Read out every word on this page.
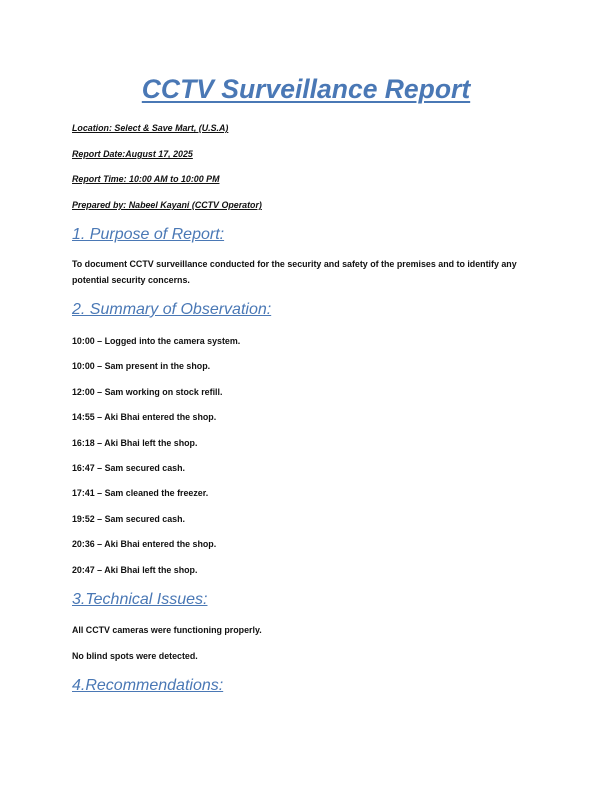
CCTV Surveillance Report
Location: Select & Save Mart, (U.S.A)
Report Date:August 17, 2025
Report Time: 10:00 AM to 10:00 PM
Prepared by: Nabeel Kayani (CCTV Operator)
1. Purpose of Report:
To document CCTV surveillance conducted for the security and safety of the premises and to identify any potential security concerns.
2. Summary of Observation:
10:00 – Logged into the camera system.
10:00 – Sam present in the shop.
12:00 – Sam working on stock refill.
14:55 – Aki Bhai entered the shop.
16:18 – Aki Bhai left the shop.
16:47 – Sam secured cash.
17:41 – Sam cleaned the freezer.
19:52 – Sam secured cash.
20:36 – Aki Bhai entered the shop.
20:47 – Aki Bhai left the shop.
3.Technical Issues:
All CCTV cameras were functioning properly.
No blind spots were detected.
4.Recommendations:
